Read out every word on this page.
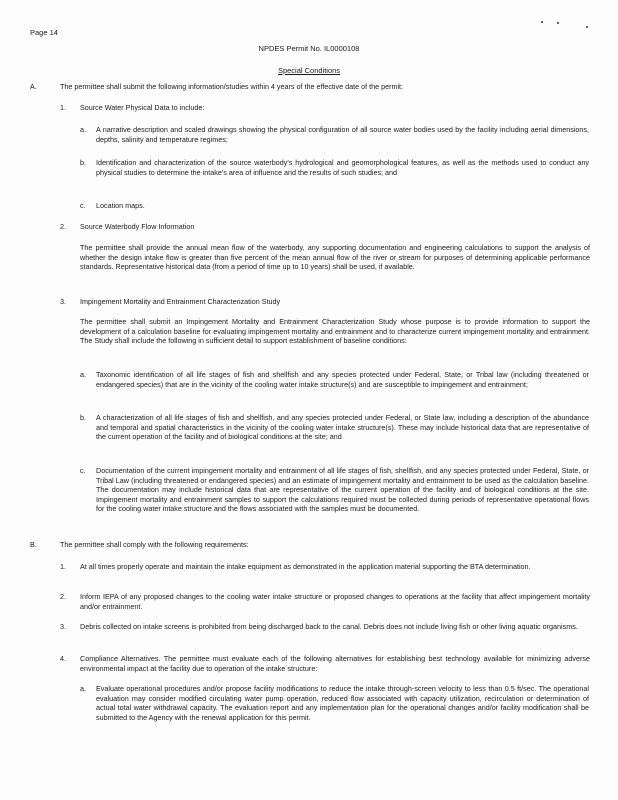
Page 14
NPDES Permit No. IL0000108
Special Conditions
A.	The permittee shall submit the following information/studies within 4 years of the effective date of the permit:
1. Source Water Physical Data to include:
a. A narrative description and scaled drawings showing the physical configuration of all source water bodies used by the facility including aerial dimensions, depths, salinity and temperature regimes;
b. Identification and characterization of the source waterbody's hydrological and geomorphological features, as well as the methods used to conduct any physical studies to determine the intake's area of influence and the results of such studies; and
c. Location maps.
2. Source Waterbody Flow Information
The permittee shall provide the annual mean flow of the waterbody, any supporting documentation and engineering calculations to support the analysis of whether the design intake flow is greater than five percent of the mean annual flow of the river or stream for purposes of determining applicable performance standards. Representative historical data (from a period of time up to 10 years) shall be used, if available.
3. Impingement Mortality and Entrainment Characterization Study
The permittee shall submit an Impingement Mortality and Entrainment Characterization Study whose purpose is to provide information to support the development of a calculation baseline for evaluating impingement mortality and entrainment and to characterize current impingement mortality and entrainment. The Study shall include the following in sufficient detail to support establishment of baseline conditions:
a. Taxonomic identification of all life stages of fish and shellfish and any species protected under Federal, State, or Tribal law (including threatened or endangered species) that are in the vicinity of the cooling water intake structure(s) and are susceptible to impingement and entrainment;
b. A characterization of all life stages of fish and shellfish, and any species protected under Federal, or State law, including a description of the abundance and temporal and spatial characteristics in the vicinity of the cooling water intake structure(s). These may include historical data that are representative of the current operation of the facility and of biological conditions at the site; and
c. Documentation of the current impingement mortality and entrainment of all life stages of fish, shellfish, and any species protected under Federal, State, or Tribal Law (including threatened or endangered species) and an estimate of impingement mortality and entrainment to be used as the calculation baseline. The documentation may include historical data that are representative of the current operation of the facility and of biological conditions at the site. Impingement mortality and entrainment samples to support the calculations required must be collected during periods of representative operational flows for the cooling water intake structure and the flows associated with the samples must be documented.
B.	The permittee shall comply with the following requirements:
1. At all times properly operate and maintain the intake equipment as demonstrated in the application material supporting the BTA determination.
2. Inform IEPA of any proposed changes to the cooling water intake structure or proposed changes to operations at the facility that affect impingement mortality and/or entrainment.
3. Debris collected on intake screens is prohibited from being discharged back to the canal. Debris does not include living fish or other living aquatic organisms.
4. Compliance Alternatives. The permittee must evaluate each of the following alternatives for establishing best technology available for minimizing adverse environmental impact at the facility due to operation of the intake structure:
a. Evaluate operational procedures and/or propose facility modifications to reduce the intake through-screen velocity to less than 0.5 ft/sec. The operational evaluation may consider modified circulating water pump operation, reduced flow associated with capacity utilization, recirculation or determination of actual total water withdrawal capacity. The evaluation report and any implementation plan for the operational changes and/or facility modification shall be submitted to the Agency with the renewal application for this permit.
